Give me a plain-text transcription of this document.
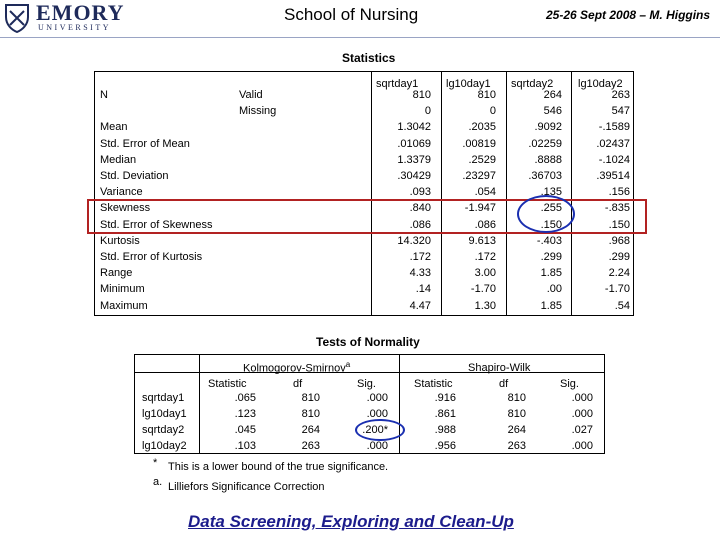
EMORY
UNIVERSITY
School of Nursing	25-26 Sept 2008 – M. Higgins
Statistics
sqrtday1	lg10day1 sqrtday2 lg10day2
N	Valid	810	810	264	263
Missing	0	0	546	547
Mean	1.3042	.2035	.9092	-.1589
Std. Error of Mean	.01069	.00819	.02259	.02437
Median	1.3379	.2529	.8888	-.1024
Std. Deviation	.30429	.23297	.36703	.39514
Variance	.093	.054	.135	.156
Skewness	.840	-1.947	.255	-.835
Std. Error of Skewness	.086	.086	.150	.150
Kurtosis	14.320	9.613	-.403	.968
Std. Error of Kurtosis	.172	.172	.299	.299
Range	4.33	3.00	1.85	2.24
Minimum	.14	-1.70	.00	-1.70
Maximum	4.47	1.30	1.85	.54
Tests of Normality
Kolmogorov-Smirnov$^a$	Shapiro-Wilk
Statistic	df	Sig.	Statistic	df	Sig.
sqrtday1	.065	810	.000	.916	810	.000
lg10day1	.123	810	.000	.861	810	.000
sqrtday2	.045	264	.200*	.988	264	.027
lg10day2	.103	263	.000	.956	263	.000
* This is a lower bound of the true significance.
a. Lilliefors Significance Correction
Data Screening, Exploring and Clean-Up
